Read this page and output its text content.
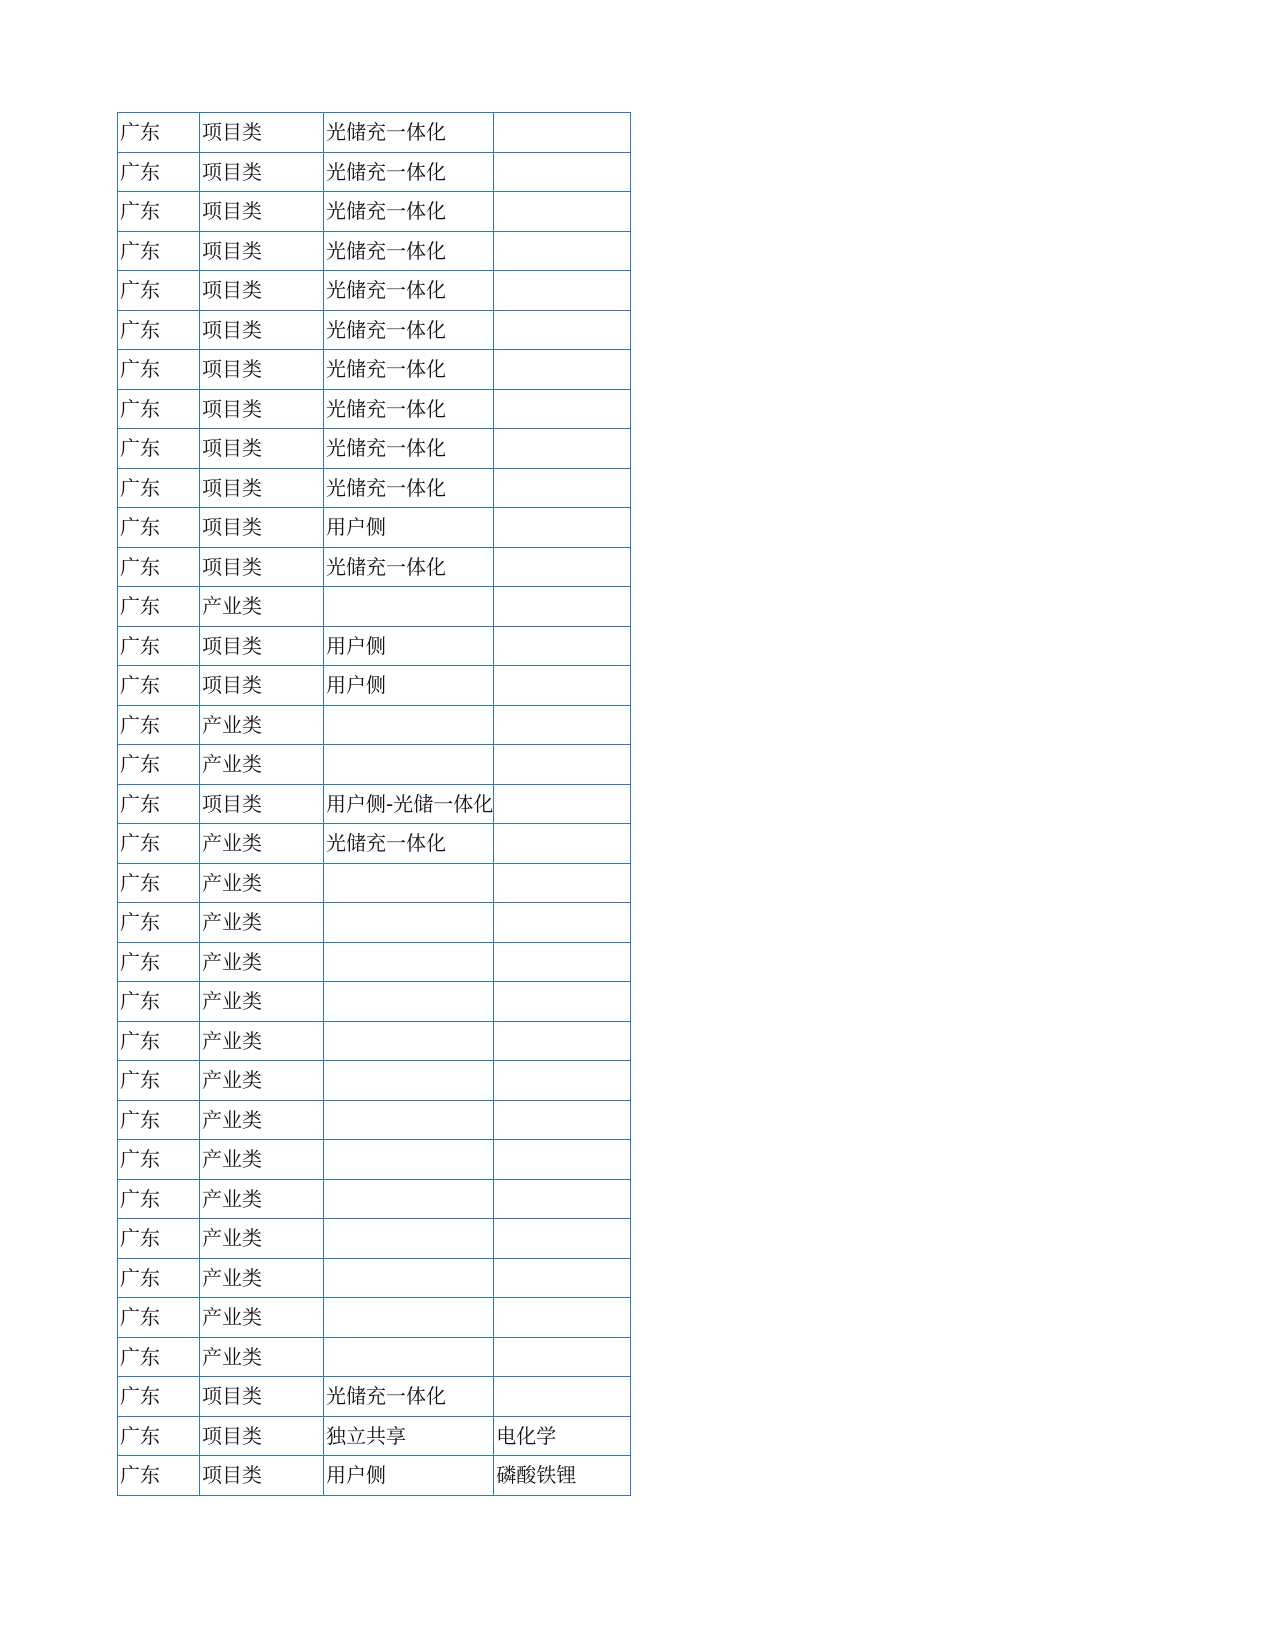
广东	项目类	光储充一体化	
广东	项目类	光储充一体化	
广东	项目类	光储充一体化	
广东	项目类	光储充一体化	
广东	项目类	光储充一体化	
广东	项目类	光储充一体化	
广东	项目类	光储充一体化	
广东	项目类	光储充一体化	
广东	项目类	光储充一体化	
广东	项目类	光储充一体化	
广东	项目类	用户侧	
广东	项目类	光储充一体化	
广东	产业类		
广东	项目类	用户侧	
广东	项目类	用户侧	
广东	产业类		
广东	产业类		
广东	项目类	用户侧-光储一体化	
广东	产业类	光储充一体化	
广东	产业类		
广东	产业类		
广东	产业类		
广东	产业类		
广东	产业类		
广东	产业类		
广东	产业类		
广东	产业类		
广东	产业类		
广东	产业类		
广东	产业类		
广东	产业类		
广东	产业类		
广东	项目类	光储充一体化	
广东	项目类	独立共享	电化学
广东	项目类	用户侧	磷酸铁锂
